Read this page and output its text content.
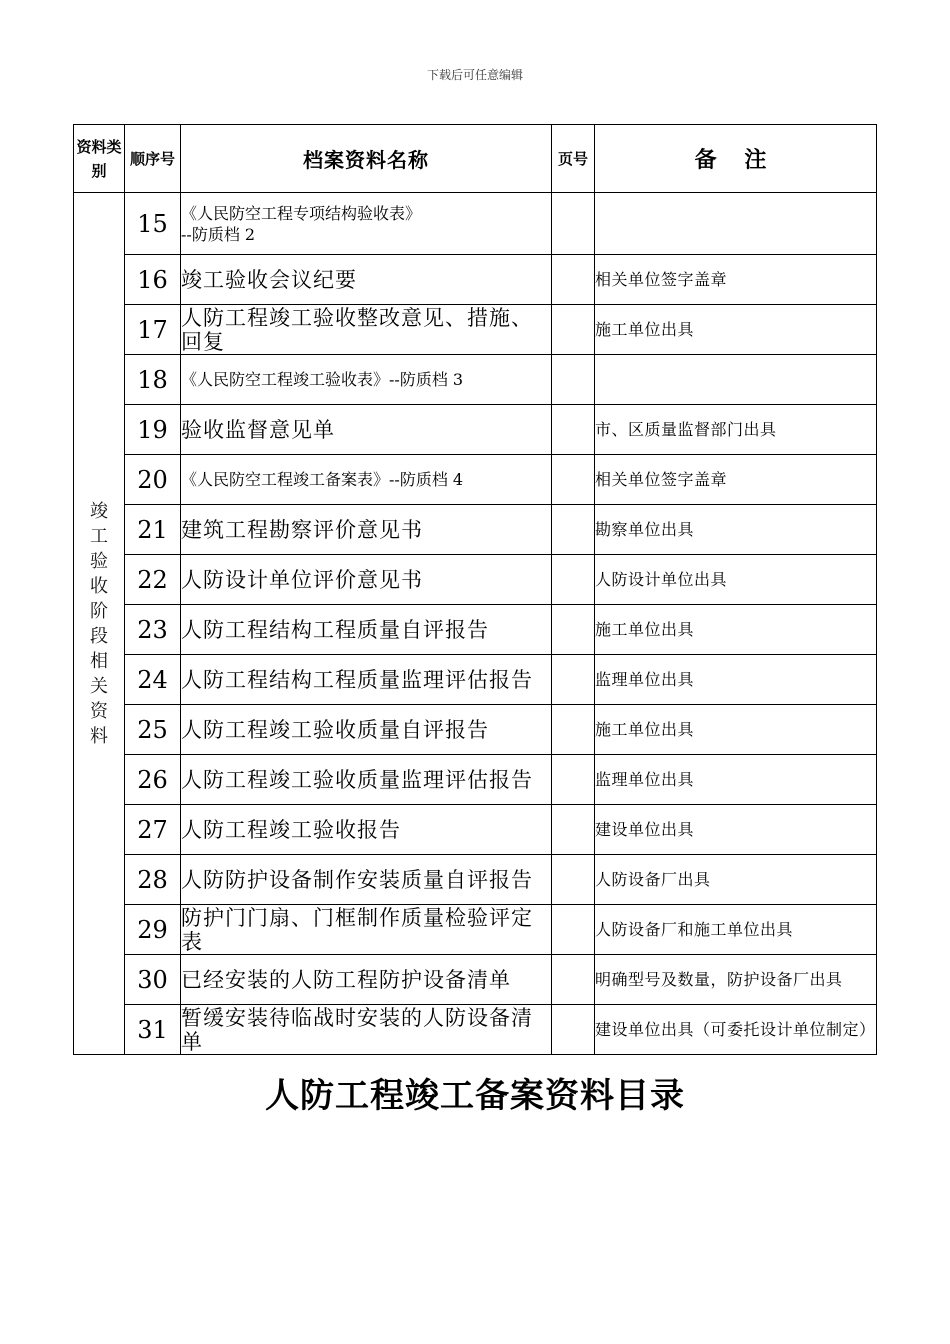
下载后可任意编辑
资料类别	顺序号	档案资料名称	页号	备 注
竣工验收阶段相关资料	15	《人民防空工程专项结构验收表》
--防质档 2		
	16	竣工验收会议纪要		相关单位签字盖章
	17	人防工程竣工验收整改意见、措施、回复		施工单位出具
	18	《人民防空工程竣工验收表》--防质档 3		
	19	验收监督意见单		市、区质量监督部门出具
	20	《人民防空工程竣工备案表》--防质档 4		相关单位签字盖章
	21	建筑工程勘察评价意见书		勘察单位出具
	22	人防设计单位评价意见书		人防设计单位出具
	23	人防工程结构工程质量自评报告		施工单位出具
	24	人防工程结构工程质量监理评估报告		监理单位出具
	25	人防工程竣工验收质量自评报告		施工单位出具
	26	人防工程竣工验收质量监理评估报告		监理单位出具
	27	人防工程竣工验收报告		建设单位出具
	28	人防防护设备制作安装质量自评报告		人防设备厂出具
	29	防护门门扇、门框制作质量检验评定表		人防设备厂和施工单位出具
	30	已经安装的人防工程防护设备清单		明确型号及数量，防护设备厂出具
	31	暂缓安装待临战时安装的人防设备清单		建设单位出具（可委托设计单位制定）
人防工程竣工备案资料目录
